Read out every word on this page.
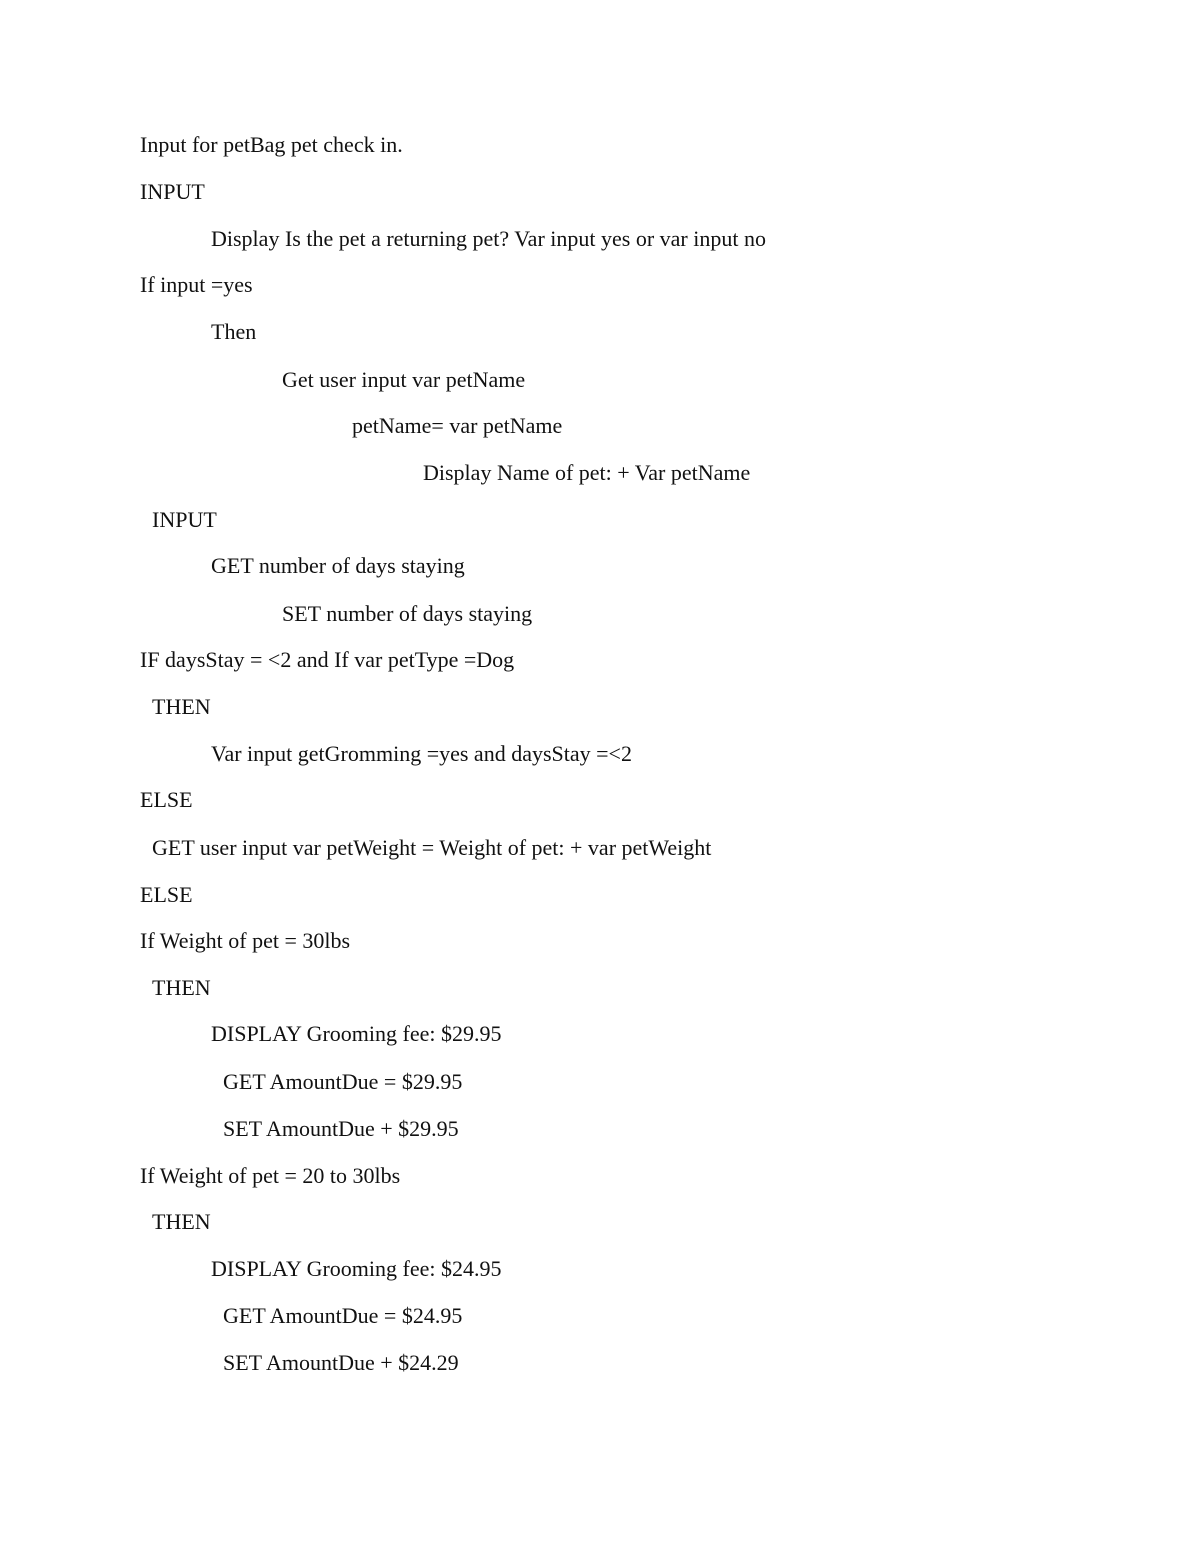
Input for petBag pet check in.
INPUT
Display Is the pet a returning pet? Var input yes or var input no
If input =yes
Then
Get user input var petName
petName= var petName
Display Name of pet: + Var petName
INPUT
GET number of days staying
SET number of days staying
IF daysStay = <2 and If var petType =Dog
THEN
Var input getGromming =yes and daysStay =<2
ELSE
GET user input var petWeight = Weight of pet: + var petWeight
ELSE
If Weight of pet = 30lbs
THEN
DISPLAY Grooming fee: $29.95
GET AmountDue = $29.95
SET AmountDue + $29.95
If Weight of pet = 20 to 30lbs
THEN
DISPLAY Grooming fee: $24.95
GET AmountDue = $24.95
SET AmountDue + $24.29
